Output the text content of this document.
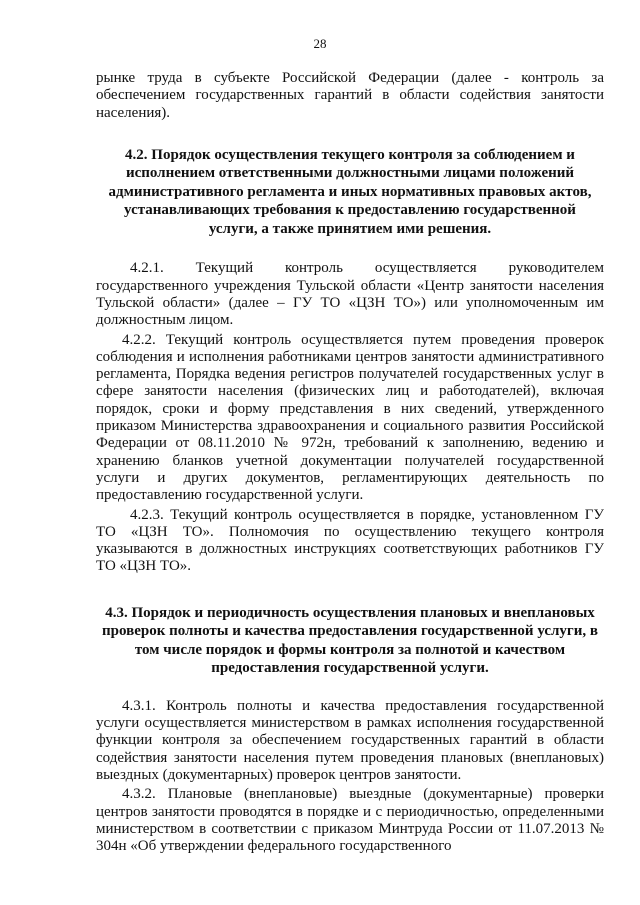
28

рынке труда в субъекте Российской Федерации (далее - контроль за обеспечением государственных гарантий в области содействия занятости населения).

4.2. Порядок осуществления текущего контроля за соблюдением и исполнением ответственными должностными лицами положений административного регламента и иных нормативных правовых актов, устанавливающих требования к предоставлению государственной услуги, а также принятием ими решения.

4.2.1. Текущий контроль осуществляется руководителем государственного учреждения Тульской области «Центр занятости населения Тульской области» (далее – ГУ ТО «ЦЗН ТО») или уполномоченным им должностным лицом.

4.2.2. Текущий контроль осуществляется путем проведения проверок соблюдения и исполнения работниками центров занятости административного регламента, Порядка ведения регистров получателей государственных услуг в сфере занятости населения (физических лиц и работодателей), включая порядок, сроки и форму представления в них сведений, утвержденного приказом Министерства здравоохранения и социального развития Российской Федерации от 08.11.2010 № 972н, требований к заполнению, ведению и хранению бланков учетной документации получателей государственной услуги и других документов, регламентирующих деятельность по предоставлению государственной услуги.

4.2.3. Текущий контроль осуществляется в порядке, установленном ГУ ТО «ЦЗН ТО». Полномочия по осуществлению текущего контроля указываются в должностных инструкциях соответствующих работников ГУ ТО «ЦЗН ТО».

4.3. Порядок и периодичность осуществления плановых и внеплановых проверок полноты и качества предоставления государственной услуги, в том числе порядок и формы контроля за полнотой и качеством предоставления государственной услуги.

4.3.1. Контроль полноты и качества предоставления государственной услуги осуществляется министерством в рамках исполнения государственной функции контроля за обеспечением государственных гарантий в области содействия занятости населения путем проведения плановых (внеплановых) выездных (документарных) проверок центров занятости.

4.3.2. Плановые (внеплановые) выездные (документарные) проверки центров занятости проводятся в порядке и с периодичностью, определенными министерством в соответствии с приказом Минтруда России от 11.07.2013 № 304н «Об утверждении федерального государственного
